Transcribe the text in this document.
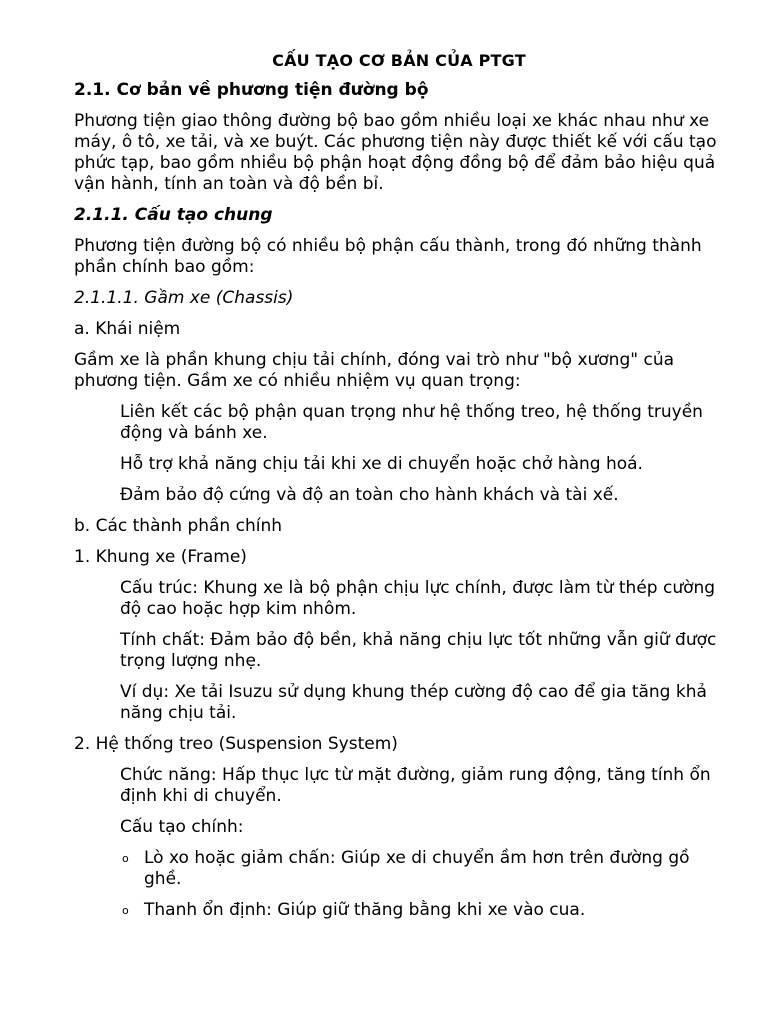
CẤU TẠO CƠ BẢN CỦA PTGT
2.1. Cơ bản về phương tiện đường bộ

Phương tiện giao thông đường bộ bao gồm nhiều loại xe khác nhau như xe máy, ô tô, xe tải, và xe buýt. Các phương tiện này được thiết kế với cấu tạo phức tạp, bao gồm nhiều bộ phận hoạt động đồng bộ để đảm bảo hiệu quả vận hành, tính an toàn và độ bền bỉ.

2.1.1. Cấu tạo chung

Phương tiện đường bộ có nhiều bộ phận cấu thành, trong đó những thành phần chính bao gồm:

2.1.1.1. Gầm xe (Chassis)

a. Khái niệm

Gầm xe là phần khung chịu tải chính, đóng vai trò như "bộ xương" của phương tiện. Gầm xe có nhiều nhiệm vụ quan trọng:

Liên kết các bộ phận quan trọng như hệ thống treo, hệ thống truyền động và bánh xe.

Hỗ trợ khả năng chịu tải khi xe di chuyển hoặc chở hàng hoá.

Đảm bảo độ cứng và độ an toàn cho hành khách và tài xế.

b. Các thành phần chính

1. Khung xe (Frame)

Cấu trúc: Khung xe là bộ phận chịu lực chính, được làm từ thép cường độ cao hoặc hợp kim nhôm.

Tính chất: Đảm bảo độ bền, khả năng chịu lực tốt những vẫn giữ được trọng lượng nhẹ.

Ví dụ: Xe tải Isuzu sử dụng khung thép cường độ cao để gia tăng khả năng chịu tải.

2. Hệ thống treo (Suspension System)

Chức năng: Hấp thục lực từ mặt đường, giảm rung động, tăng tính ổn định khi di chuyển.

Cấu tạo chính:

o Lò xo hoặc giảm chấn: Giúp xe di chuyển ầm hơn trên đường gồ ghề.

o Thanh ổn định: Giúp giữ thăng bằng khi xe vào cua.
